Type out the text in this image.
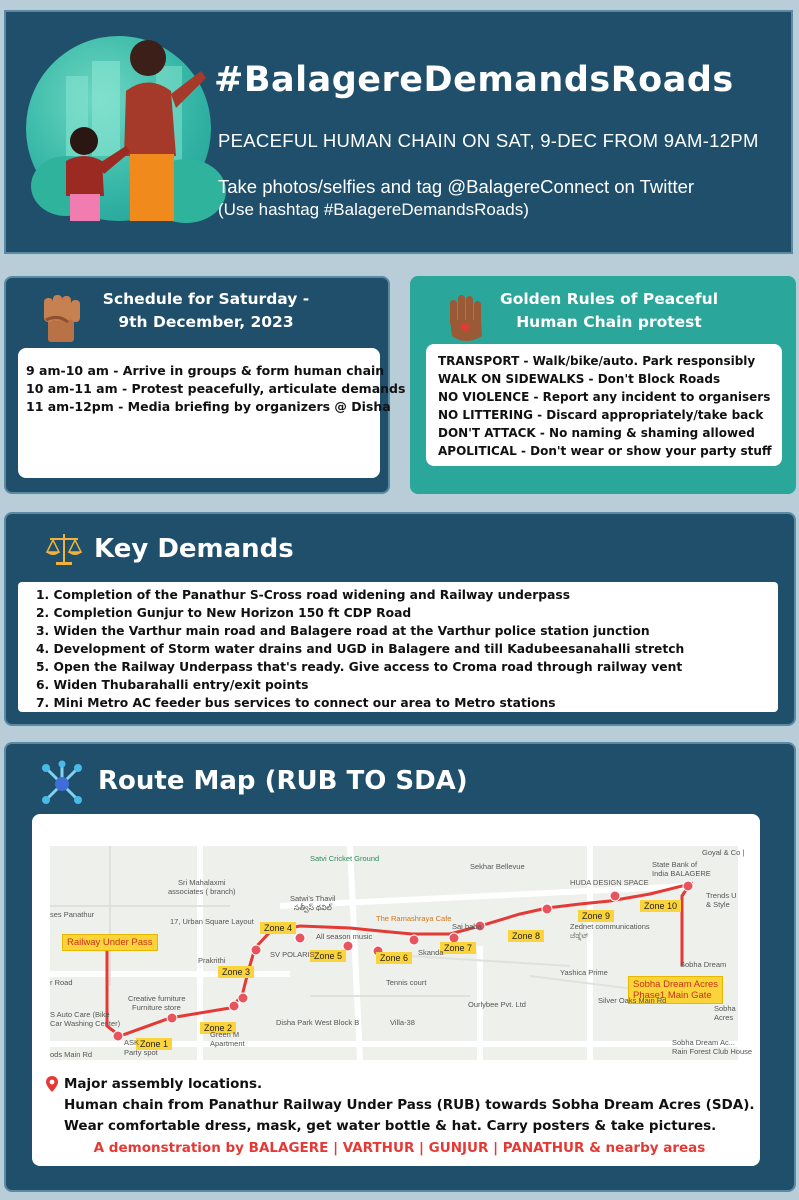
#BalagereDemandsRoads
PEACEFUL HUMAN CHAIN ON SAT, 9-DEC FROM 9AM-12PM
Take photos/selfies and tag @BalagereConnect on Twitter
(Use hashtag #BalagereDemandsRoads)
Schedule for Saturday -
9th December, 2023
9 am-10 am - Arrive in groups & form human chain
10 am-11 am - Protest peacefully, articulate demands
11 am-12pm - Media briefing by organizers @ Disha
Golden Rules of Peaceful
Human Chain protest
TRANSPORT - Walk/bike/auto. Park responsibly
WALK ON SIDEWALKS - Don't Block Roads
NO VIOLENCE - Report any incident to organisers
NO LITTERING - Discard appropriately/take back
DON'T ATTACK - No naming & shaming allowed
APOLITICAL - Don't wear or show your party stuff
Key Demands
1. Completion of the Panathur S-Cross road widening and Railway underpass
2. Completion Gunjur to New Horizon 150 ft CDP Road
3. Widen the Varthur main road and Balagere road at the Varthur police station junction
4. Development of Storm water drains and UGD in Balagere and till Kadubeesanahalli stretch
5. Open the Railway Underpass that's ready. Give access to Croma road through railway vent
6. Widen Thubarahalli entry/exit points
7. Mini Metro AC feeder bus services to connect our area to Metro stations
Route Map (RUB TO SDA)
Railway Under Pass
Sobha Dream Acres
Phase1 Main Gate
Zone 1
Zone 2
Zone 3
Zone 4
Zone 5	Zone 6
Zone 7
Zone 8
Zone 9
Zone 10
Satvi Cricket Ground
Sri Mahalaxmi
associates ( branch)
Satwi's Thavil
సత్వీస్ థవిల్
17, Urban Square Layout
ses Panathur
Sekhar Bellevue
HUDA DESIGN SPACE
State Bank of
India BALAGERE
Trends U
& Style
The Ramashraya Cafe
All season music
Sai baba
Skanda
Zednet communications
ಜೆಡ್ನೆಟ್
SV POLARIS
Prakrithi
Creative furniture
Furniture store
Tennis court
Ourlybee Pvt. Ltd
Yashica Prime
Disha Park West Block B	Villa-38
Green M
Apartment
r Road
S Auto Care (Bike
Car Washing Center)
ASK
Party spot
ods Main Rd
Silver Oaks Main Rd
Sobha Dream
Sobha Dream Ac...
Rain Forest Club House
Sobha
Acres
Goyal & Co |
Major assembly locations.
Human chain from Panathur Railway Under Pass (RUB) towards Sobha Dream Acres (SDA).
Wear comfortable dress, mask, get water bottle & hat. Carry posters & take pictures.
A demonstration by BALAGERE | VARTHUR | GUNJUR | PANATHUR & nearby areas
